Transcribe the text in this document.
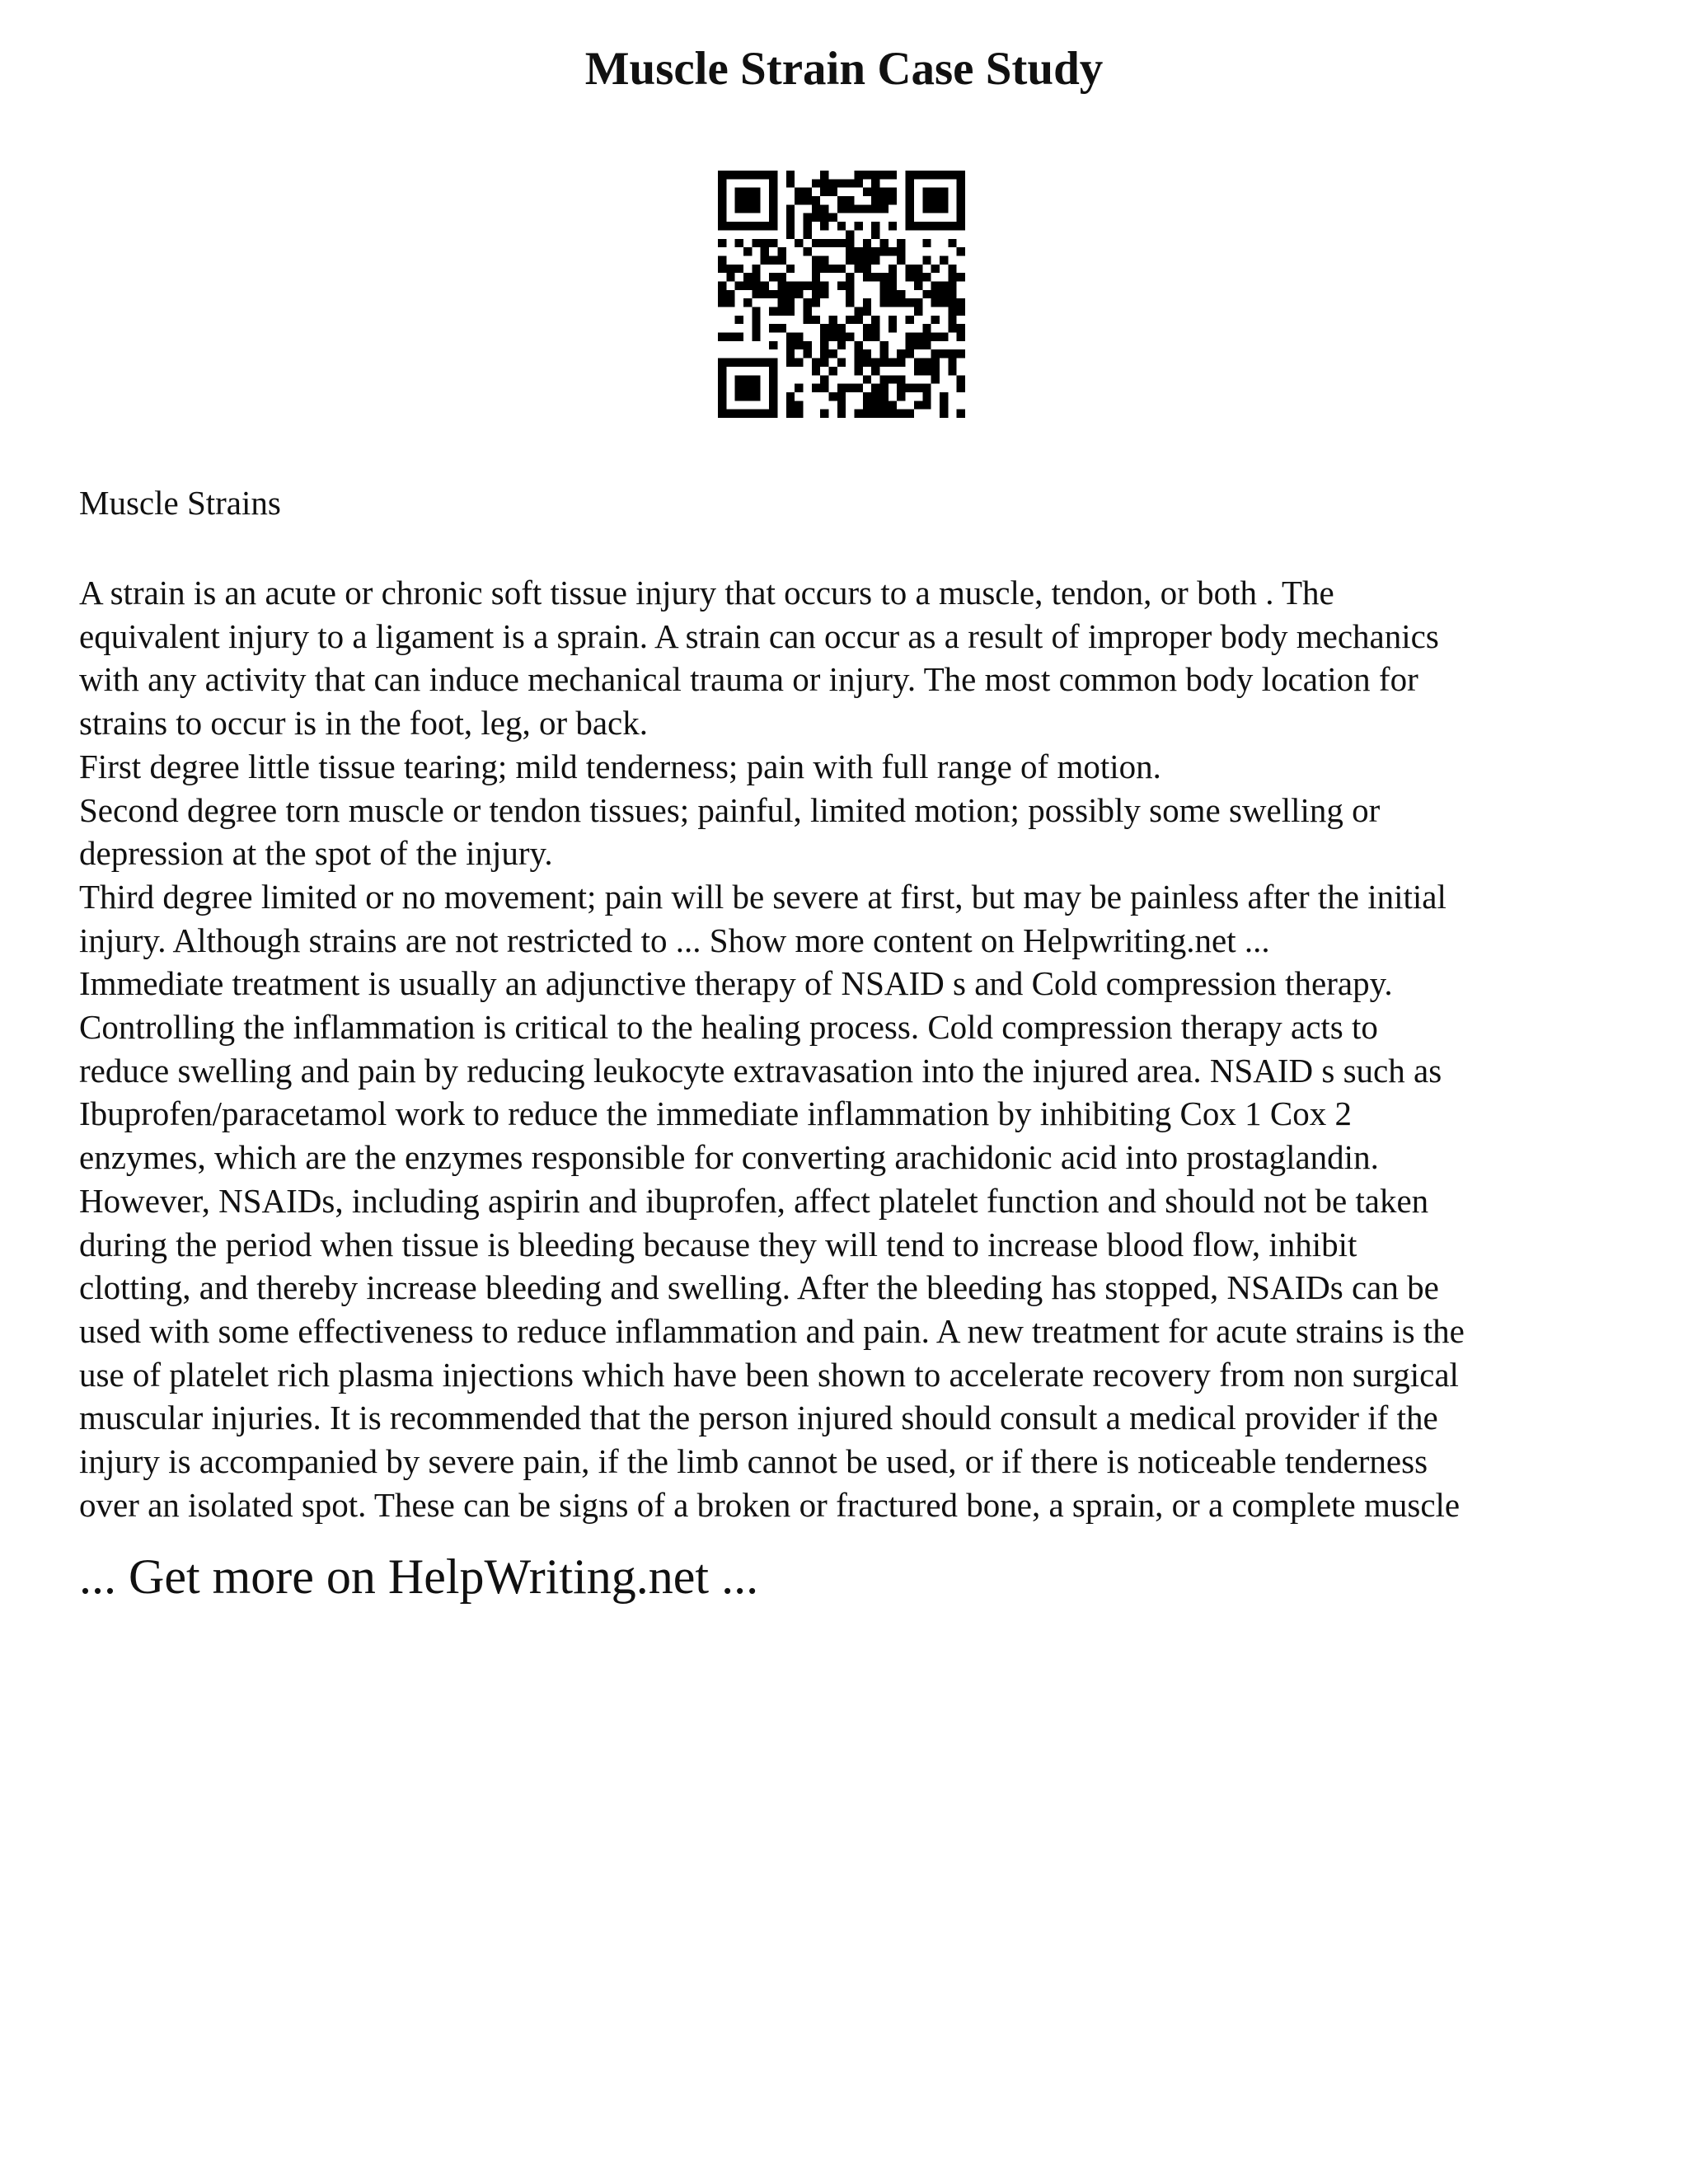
Muscle Strain Case Study
Muscle Strains
A strain is an acute or chronic soft tissue injury that occurs to a muscle, tendon, or both . The
equivalent injury to a ligament is a sprain. A strain can occur as a result of improper body mechanics
with any activity that can induce mechanical trauma or injury. The most common body location for
strains to occur is in the foot, leg, or back.
First degree little tissue tearing; mild tenderness; pain with full range of motion.
Second degree torn muscle or tendon tissues; painful, limited motion; possibly some swelling or
depression at the spot of the injury.
Third degree limited or no movement; pain will be severe at first, but may be painless after the initial
injury. Although strains are not restricted to ... Show more content on Helpwriting.net ...
Immediate treatment is usually an adjunctive therapy of NSAID s and Cold compression therapy.
Controlling the inflammation is critical to the healing process. Cold compression therapy acts to
reduce swelling and pain by reducing leukocyte extravasation into the injured area. NSAID s such as
Ibuprofen/paracetamol work to reduce the immediate inflammation by inhibiting Cox 1 Cox 2
enzymes, which are the enzymes responsible for converting arachidonic acid into prostaglandin.
However, NSAIDs, including aspirin and ibuprofen, affect platelet function and should not be taken
during the period when tissue is bleeding because they will tend to increase blood flow, inhibit
clotting, and thereby increase bleeding and swelling. After the bleeding has stopped, NSAIDs can be
used with some effectiveness to reduce inflammation and pain. A new treatment for acute strains is the
use of platelet rich plasma injections which have been shown to accelerate recovery from non surgical
muscular injuries. It is recommended that the person injured should consult a medical provider if the
injury is accompanied by severe pain, if the limb cannot be used, or if there is noticeable tenderness
over an isolated spot. These can be signs of a broken or fractured bone, a sprain, or a complete muscle
... Get more on HelpWriting.net ...
